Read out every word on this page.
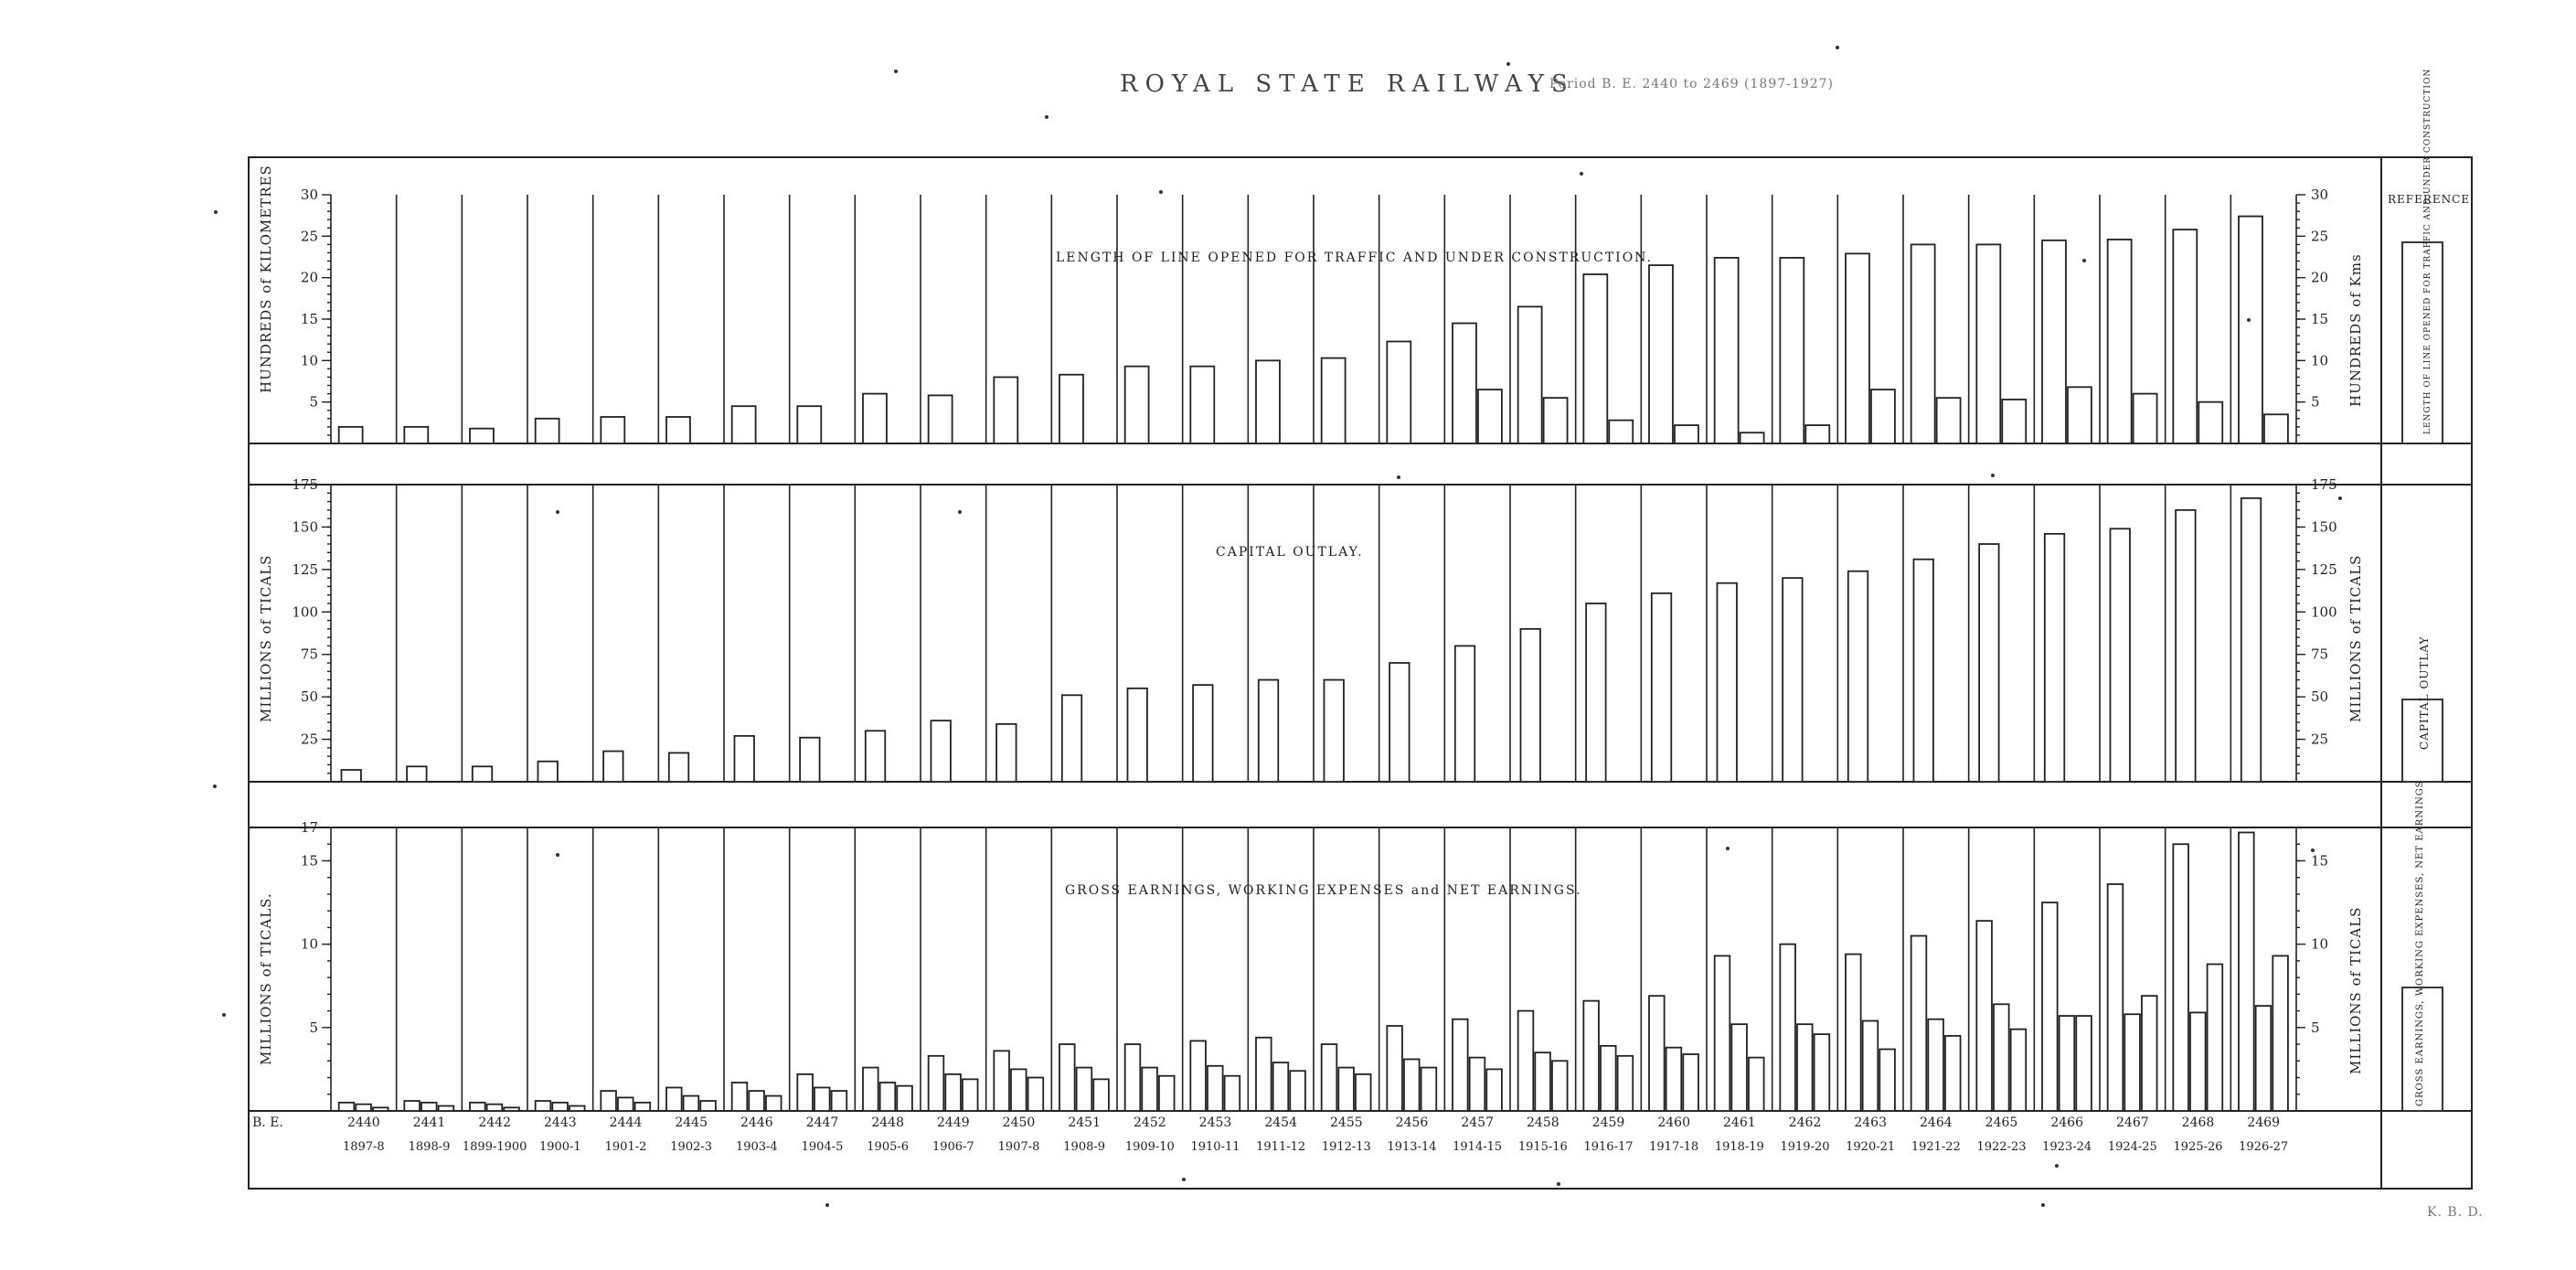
ROYAL STATE RAILWAYS
Period B. E. 2440 to 2469 (1897-1927)
K. B. D.
LENGTH OF LINE OPENED FOR TRAFFIC AND UNDER CONSTRUCTION.
CAPITAL OUTLAY.
GROSS EARNINGS, WORKING EXPENSES and NET EARNINGS.
HUNDREDS of KILOMETRES
MILLIONS of TICALS
MILLIONS of TICALS.
HUNDREDS of Kms
MILLIONS of TICALS
MILLIONS of TICALS
REFERENCE
LENGTH OF LINE OPENED FOR TRAFFIC AND UNDER CONSTRUCTION
CAPITAL OUTLAY
GROSS EARNINGS, WORKING EXPENSES, NET EARNINGS
B. E.	2440
1897-8
2441
1898-9
2442
1899-1900
2443
1900-1
2444
1901-2
2445
1902-3
2446
1903-4
2447
1904-5
2448
1905-6
2449
1906-7
2450
1907-8
2451
1908-9
2452
1909-10
2453
1910-11
2454
1911-12
2455
1912-13
2456
1913-14
2457
1914-15
2458
1915-16
2459
1916-17
2460
1917-18
2461
1918-19
2462
1919-20
2463
1920-21
2464
1921-22
2465
1922-23
2466
1923-24
2467
1924-25
2468
1925-26
2469
1926-27
5
10
15
20
25
30
5
10
15
20
25
30
25
50
75
100
125
150
175
25
50
75
100
125
150
175
5
10
15
17
5
10
15
